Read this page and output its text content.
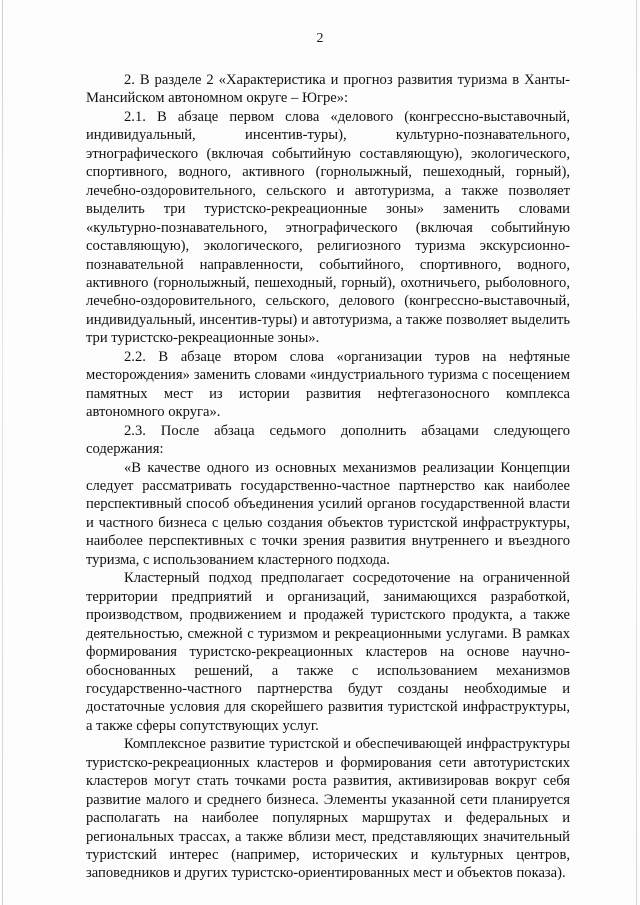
2

2. В разделе 2 «Характеристика и прогноз развития туризма в Ханты-Мансийском автономном округе – Югре»:

2.1. В абзаце первом слова «делового (конгрессно-выставочный, индивидуальный, инсентив-туры), культурно-познавательного, этнографического (включая событийную составляющую), экологического, спортивного, водного, активного (горнолыжный, пешеходный, горный), лечебно-оздоровительного, сельского и автотуризма, а также позволяет выделить три туристско-рекреационные зоны» заменить словами «культурно-познавательного, этнографического (включая событийную составляющую), экологического, религиозного туризма экскурсионно-познавательной направленности, событийного, спортивного, водного, активного (горнолыжный, пешеходный, горный), охотничьего, рыболовного, лечебно-оздоровительного, сельского, делового (конгрессно-выставочный, индивидуальный, инсентив-туры) и автотуризма, а также позволяет выделить три туристско-рекреационные зоны».

2.2. В абзаце втором слова «организации туров на нефтяные месторождения» заменить словами «индустриального туризма с посещением памятных мест из истории развития нефтегазоносного комплекса автономного округа».

2.3. После абзаца седьмого дополнить абзацами следующего содержания:

«В качестве одного из основных механизмов реализации Концепции следует рассматривать государственно-частное партнерство как наиболее перспективный способ объединения усилий органов государственной власти и частного бизнеса с целью создания объектов туристской инфраструктуры, наиболее перспективных с точки зрения развития внутреннего и въездного туризма, с использованием кластерного подхода.

Кластерный подход предполагает сосредоточение на ограниченной территории предприятий и организаций, занимающихся разработкой, производством, продвижением и продажей туристского продукта, а также деятельностью, смежной с туризмом и рекреационными услугами. В рамках формирования туристско-рекреационных кластеров на основе научно-обоснованных решений, а также с использованием механизмов государственно-частного партнерства будут созданы необходимые и достаточные условия для скорейшего развития туристской инфраструктуры, а также сферы сопутствующих услуг.

Комплексное развитие туристской и обеспечивающей инфраструктуры туристско-рекреационных кластеров и формирования сети автотуристских кластеров могут стать точками роста развития, активизировав вокруг себя развитие малого и среднего бизнеса. Элементы указанной сети планируется располагать на наиболее популярных маршрутах и федеральных и региональных трассах, а также вблизи мест, представляющих значительный туристский интерес (например, исторических и культурных центров, заповедников и других туристско-ориентированных мест и объектов показа).
